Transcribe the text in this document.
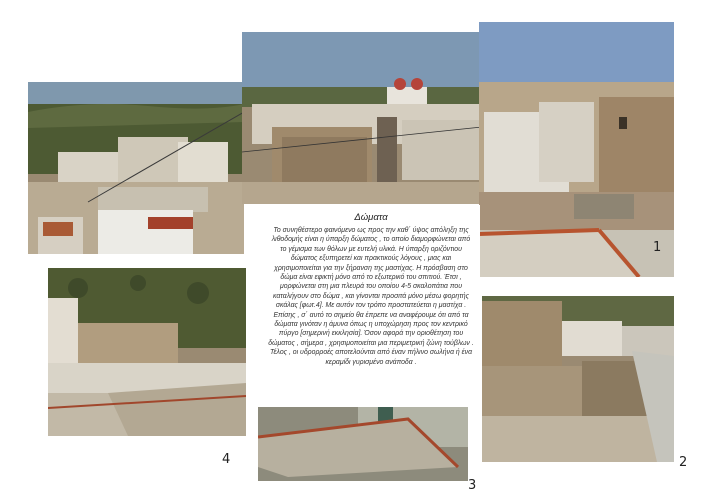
Δώματα
Το συνηθέστερο φαινόμενο ως προς την καθ΄ ύψος απόληξη της λιθοδομής είναι η ύπαρξη δώματος , το οποίο διαμορφώνεται από το γέμισμα των θόλων με ευτελή υλικά. Η ύπαρξη οριζόντιου δώματος εξυπηρετεί και πρακτικούς λόγους , μιας και χρησιμοποιείται για την ξήρανση της μαστίχας. Η πρόσβαση στο δώμα είναι εφικτή μόνο από το εξωτερικό του σπιτιού. Έτσι , μορφώνεται στη μια πλευρά του οποίου 4-5 σκαλοπάτια που καταλήγουν στο δώμα , και γίνονται προσιτά μόνο μέσω φορητής σκάλας [φωτ.4]. Με αυτόν τον τρόπο προστατεύεται η μαστίχα . Επίσης , σ΄ αυτό το σημείο θα έπρεπε να αναφέρουμε ότι από τα δώματα γινόταν η άμυνα όπως η υποχώρηση προς τον κεντρικό πύργο [σημερινή εκκλησία]. Όσον αφορά την οριοθέτηση του δώματος , σήμερα , χρησιμοποιείται μια περιμετρική ζώνη τούβλων . Τέλος , οι υδρορροές αποτελούνται από έναν πήλινο σωλήνα ή ένα κεραμίδι γυρισμένο ανάποδα .
1
2
3
4
